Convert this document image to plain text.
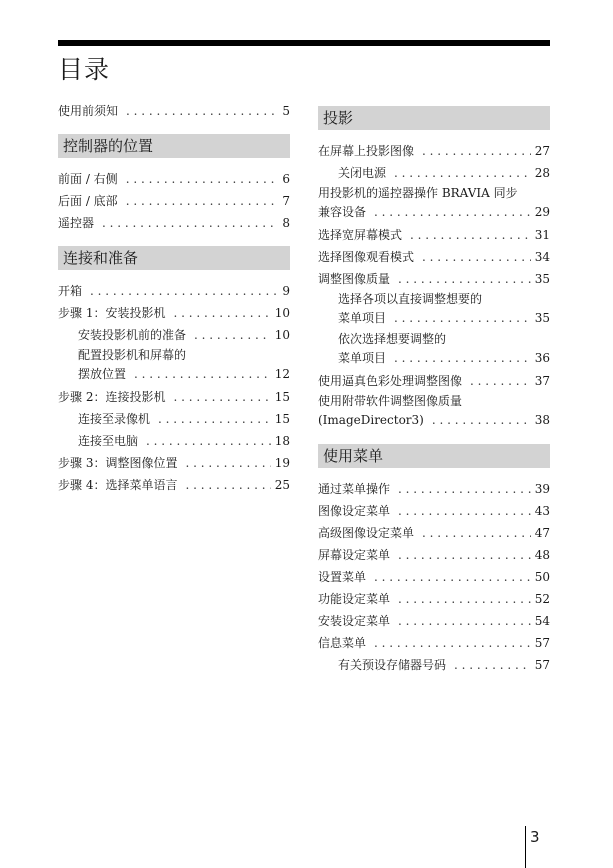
目录
使用前须知 . . .	5
控制器的位置
前面 / 右侧 . . .	6
后面 / 底部 . . .	7
遥控器 . . .	8
连接和准备
开箱 . . .	9
步骤 1：安装投影机 . . .	10
安装投影机前的准备 . . .	10
配置投影机和屏幕的
摆放位置 . . .	12
步骤 2：连接投影机 . . .	15
连接至录像机 . . .	15
连接至电脑 . . .	18
步骤 3：调整图像位置 . . .	19
步骤 4：选择菜单语言 . . .	25
投影
在屏幕上投影图像 . . .	27
关闭电源 . . .	28
用投影机的遥控器操作 BRAVIA 同步
兼容设备 . . .	29
选择宽屏幕模式 . . .	31
选择图像观看模式 . . .	34
调整图像质量 . . .	35
选择各项以直接调整想要的
菜单项目 . . .	35
依次选择想要调整的
菜单项目 . . .	36
使用逼真色彩处理调整图像 . . .	37
使用附带软件调整图像质量
(ImageDirector3) . . .	38
使用菜单
通过菜单操作 . . .	39
图像设定菜单 . . .	43
高级图像设定菜单 . . .	47
屏幕设定菜单 . . .	48
设置菜单 . . .	50
功能设定菜单 . . .	52
安装设定菜单 . . .	54
信息菜单 . . .	57
有关预设存储器号码 . . .	57
3
